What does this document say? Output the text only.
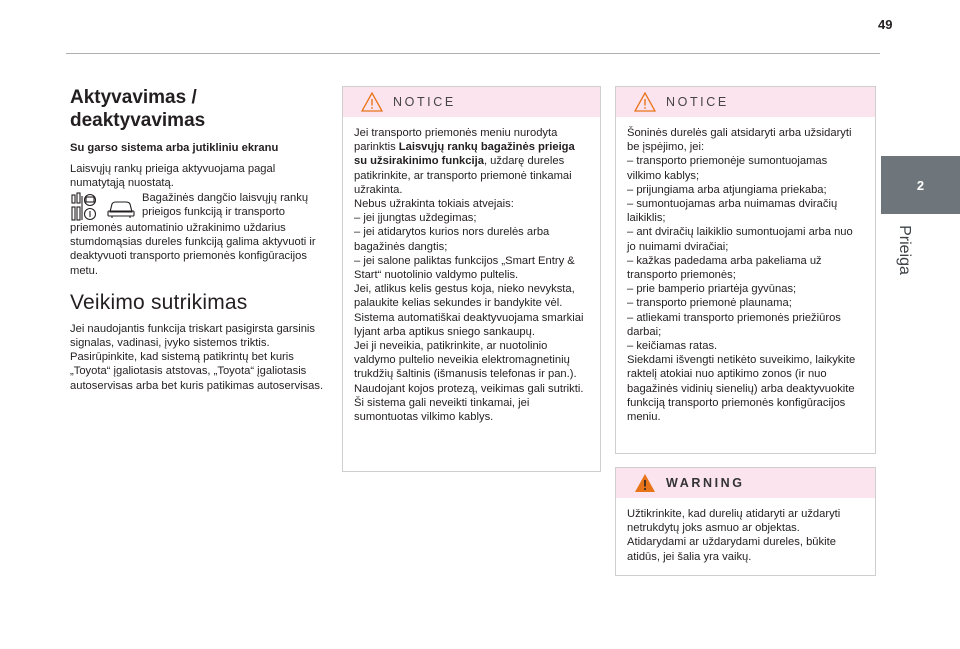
49
2
Prieiga
Aktyvavimas /
deaktyvavimas

Su garso sistema arba jutikliniu ekranu

Laisvųjų rankų prieiga aktyvuojama pagal numatytąją nuostatą.

Bagažinės dangčio laisvųjų rankų prieigos funkciją ir transporto

priemonės automatinio užrakinimo uždarius stumdomąsias dureles funkciją galima aktyvuoti ir deaktyvuoti transporto priemonės konfigūracijos metu.

Veikimo sutrikimas

Jei naudojantis funkcija triskart pasigirsta garsinis signalas, vadinasi, įvyko sistemos triktis. Pasirūpinkite, kad sistemą patikrintų bet kuris „Toyota“ įgaliotasis atstovas, „Toyota“ įgaliotasis autoservisas arba bet kuris patikimas autoservisas.

NOTICE

Jei transporto priemonės meniu nurodyta parinktis Laisvųjų rankų bagažinės prieiga su užsirakinimo funkcija, uždarę dureles patikrinkite, ar transporto priemonė tinkamai užrakinta.

Nebus užrakinta tokiais atvejais:

– jei įjungtas uždegimas;

– jei atidarytos kurios nors durelės arba bagažinės dangtis;

– jei salone paliktas funkcijos „Smart Entry & Start“ nuotolinio valdymo pultelis.

Jei, atlikus kelis gestus koja, nieko nevyksta, palaukite kelias sekundes ir bandykite vėl.

Sistema automatiškai deaktyvuojama smarkiai lyjant arba aptikus sniego sankaupų.

Jei ji neveikia, patikrinkite, ar nuotolinio valdymo pultelio neveikia elektromagnetinių trukdžių šaltinis (išmanusis telefonas ir pan.).

Naudojant kojos protezą, veikimas gali sutrikti.

Ši sistema gali neveikti tinkamai, jei sumontuotas vilkimo kablys.

NOTICE

Šoninės durelės gali atsidaryti arba užsidaryti be įspėjimo, jei:

– transporto priemonėje sumontuojamas vilkimo kablys;

– prijungiama arba atjungiama priekaba;

– sumontuojamas arba nuimamas dviračių laikiklis;

– ant dviračių laikiklio sumontuojami arba nuo jo nuimami dviračiai;

– kažkas padedama arba pakeliama už transporto priemonės;

– prie bamperio priartėja gyvūnas;

– transporto priemonė plaunama;

– atliekami transporto priemonės priežiūros darbai;

– keičiamas ratas.

Siekdami išvengti netikėto suveikimo, laikykite raktelį atokiai nuo aptikimo zonos (ir nuo bagažinės vidinių sienelių) arba deaktyvuokite funkciją transporto priemonės konfigūracijos meniu.

WARNING

Užtikrinkite, kad durelių atidaryti ar uždaryti netrukdytų joks asmuo ar objektas.

Atidarydami ar uždarydami dureles, būkite atidūs, jei šalia yra vaikų.
